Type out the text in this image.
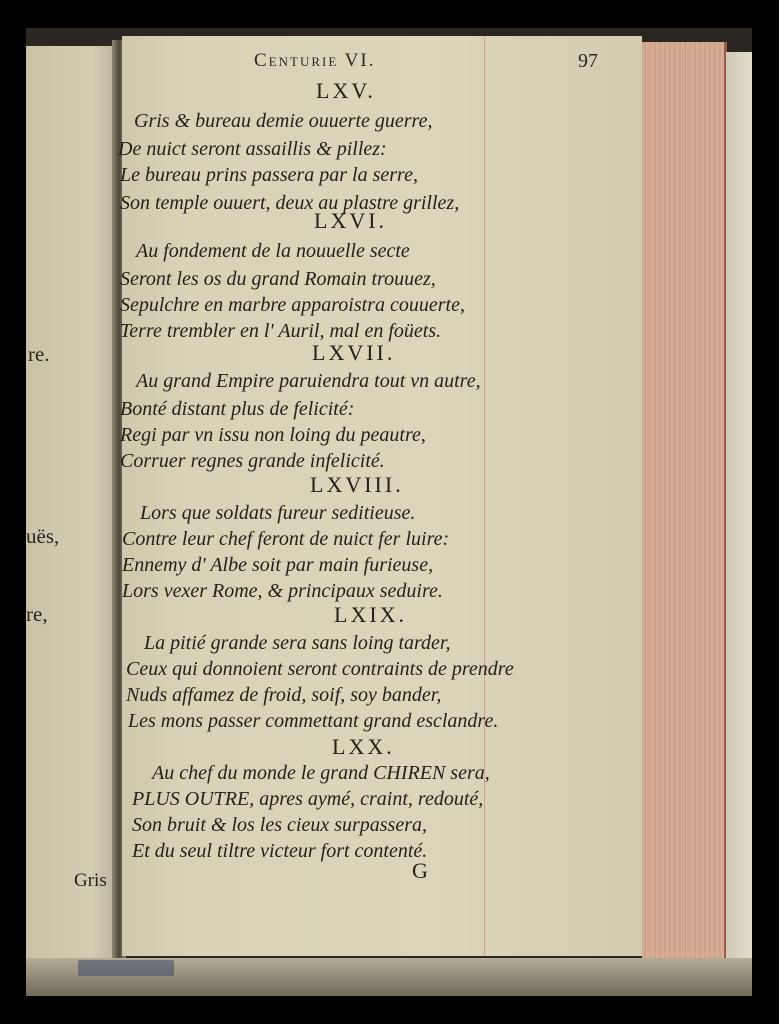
re.
uës,
re,
Centurie VI.	97
LXV.
Gris & bureau demie ouuerte guerre,
De nuict seront assaillis & pillez:
Le bureau prins passera par la serre,
Son temple ouuert, deux au plastre grillez,
LXVI.
Au fondement de la nouuelle secte
Seront les os du grand Romain trouuez,
Sepulchre en marbre apparoistra couuerte,
Terre trembler en l' Auril, mal en foüets.
LXVII.
Au grand Empire paruiendra tout vn autre,
Bonté distant plus de felicité:
Regi par vn issu non loing du peautre,
Corruer regnes grande infelicité.
LXVIII.
Lors que soldats fureur seditieuse.
Contre leur chef feront de nuict fer luire:
Ennemy d' Albe soit par main furieuse,
Lors vexer Rome, & principaux seduire.
LXIX.
La pitié grande sera sans loing tarder,
Ceux qui donnoient seront contraints de prendre
Nuds affamez de froid, soif, soy bander,
Les mons passer commettant grand esclandre.
LXX.
Au chef du monde le grand CHIREN sera,
PLUS OUTRE, apres aymé, craint, redouté,
Son bruit & los les cieux surpassera,
Et du seul tiltre victeur fort contenté.
G
Gris
